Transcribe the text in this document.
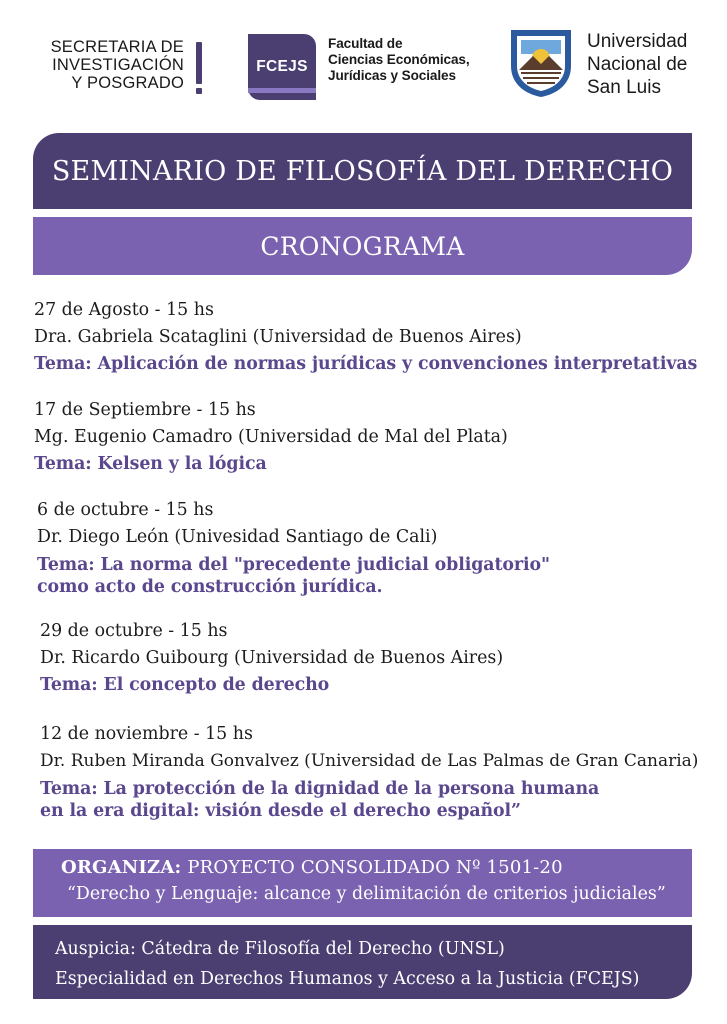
SECRETARIA DE
INVESTIGACIÓN
Y POSGRADO
FCEJS
Facultad de
Ciencias Económicas,
Jurídicas y Sociales
Universidad
Nacional de
San Luis
SEMINARIO DE FILOSOFÍA DEL DERECHO
CRONOGRAMA
27 de Agosto - 15 hs
Dra. Gabriela Scataglini (Universidad de Buenos Aires)
Tema: Aplicación de normas jurídicas y convenciones interpretativas
17 de Septiembre - 15 hs
Mg. Eugenio Camadro (Universidad de Mal del Plata)
Tema: Kelsen y la lógica
6 de octubre - 15 hs
Dr. Diego León (Univesidad Santiago de Cali)
Tema: La norma del "precedente judicial obligatorio"
como acto de construcción jurídica.
29 de octubre - 15 hs
Dr. Ricardo Guibourg (Universidad de Buenos Aires)
Tema: El concepto de derecho
12 de noviembre - 15 hs
Dr. Ruben Miranda Gonvalvez (Universidad de Las Palmas de Gran Canaria)
Tema: La protección de la dignidad de la persona humana
en la era digital: visión desde el derecho español”
ORGANIZA: PROYECTO CONSOLIDADO Nº 1501-20
“Derecho y Lenguaje: alcance y delimitación de criterios judiciales”
Auspicia: Cátedra de Filosofía del Derecho (UNSL)
Especialidad en Derechos Humanos y Acceso a la Justicia (FCEJS)
